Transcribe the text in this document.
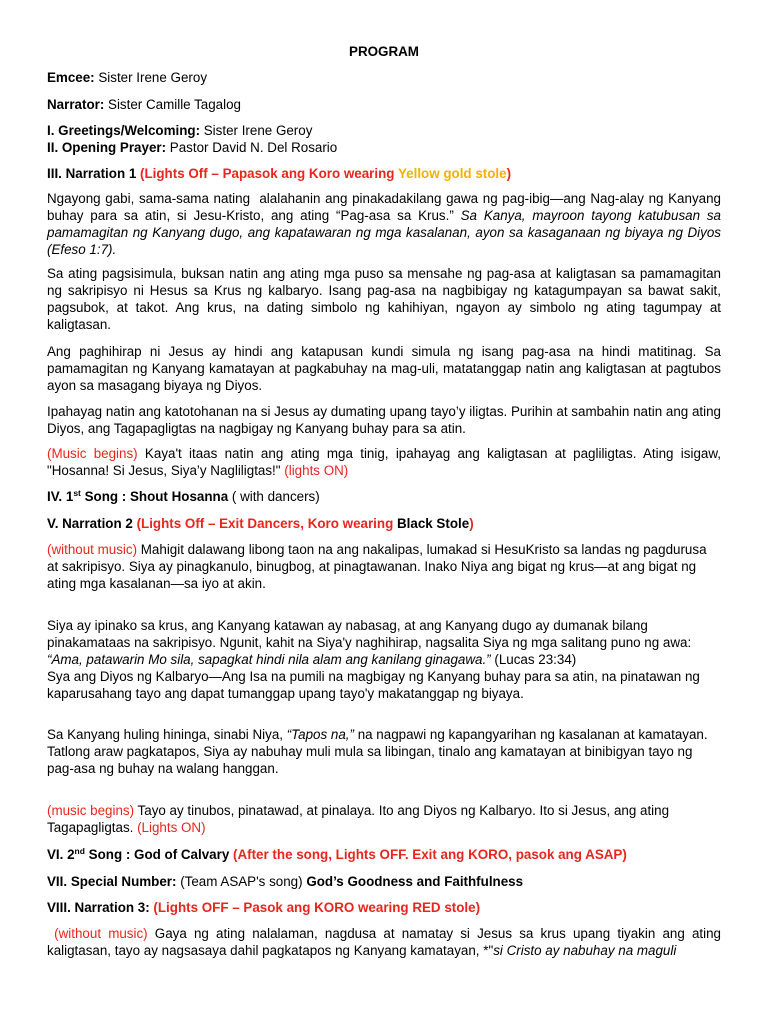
PROGRAM

Emcee: Sister Irene Geroy

Narrator: Sister Camille Tagalog

I. Greetings/Welcoming: Sister Irene Geroy

II. Opening Prayer: Pastor David N. Del Rosario

III. Narration 1 (Lights Off – Papasok ang Koro wearing Yellow gold stole)

Ngayong gabi, sama-sama nating  alalahanin ang pinakadakilang gawa ng pag-ibig—ang Nag-alay ng Kanyang buhay para sa atin, si Jesu-Kristo, ang ating “Pag-asa sa Krus.” Sa Kanya, mayroon tayong katubusan sa pamamagitan ng Kanyang dugo, ang kapatawaran ng mga kasalanan, ayon sa kasaganaan ng biyaya ng Diyos (Efeso 1:7).

Sa ating pagsisimula, buksan natin ang ating mga puso sa mensahe ng pag-asa at kaligtasan sa pamamagitan ng sakripisyo ni Hesus sa Krus ng kalbaryo. Isang pag-asa na nagbibigay ng katagumpayan sa bawat sakit, pagsubok, at takot. Ang krus, na dating simbolo ng kahihiyan, ngayon ay simbolo ng ating tagumpay at kaligtasan.

Ang paghihirap ni Jesus ay hindi ang katapusan kundi simula ng isang pag-asa na hindi matitinag. Sa pamamagitan ng Kanyang kamatayan at pagkabuhay na mag-uli, matatanggap natin ang kaligtasan at pagtubos ayon sa masagang biyaya ng Diyos.

Ipahayag natin ang katotohanan na si Jesus ay dumating upang tayo’y iligtas. Purihin at sambahin natin ang ating Diyos, ang Tagapagligtas na nagbigay ng Kanyang buhay para sa atin.

(Music begins) Kaya't itaas natin ang ating mga tinig, ipahayag ang kaligtasan at pagliligtas. Ating isigaw, "Hosanna! Si Jesus, Siya’y Nagliligtas!" (lights ON)

IV. 1st Song : Shout Hosanna ( with dancers)

V. Narration 2 (Lights Off – Exit Dancers, Koro wearing Black Stole)

(without music) Mahigit dalawang libong taon na ang nakalipas, lumakad si HesuKristo sa landas ng pagdurusa at sakripisyo. Siya ay pinagkanulo, binugbog, at pinagtawanan. Inako Niya ang bigat ng krus—at ang bigat ng ating mga kasalanan—sa iyo at akin.

Siya ay ipinako sa krus, ang Kanyang katawan ay nabasag, at ang Kanyang dugo ay dumanak bilang pinakamataas na sakripisyo. Ngunit, kahit na Siya'y naghihirap, nagsalita Siya ng mga salitang puno ng awa: “Ama, patawarin Mo sila, sapagkat hindi nila alam ang kanilang ginagawa.” (Lucas 23:34)
Sya ang Diyos ng Kalbaryo—Ang Isa na pumili na magbigay ng Kanyang buhay para sa atin, na pinatawan ng kaparusahang tayo ang dapat tumanggap upang tayo'y makatanggap ng biyaya.

Sa Kanyang huling hininga, sinabi Niya, “Tapos na,” na nagpawi ng kapangyarihan ng kasalanan at kamatayan. Tatlong araw pagkatapos, Siya ay nabuhay muli mula sa libingan, tinalo ang kamatayan at binibigyan tayo ng pag-asa ng buhay na walang hanggan.

(music begins) Tayo ay tinubos, pinatawad, at pinalaya. Ito ang Diyos ng Kalbaryo. Ito si Jesus, ang ating Tagapagligtas. (Lights ON)

VI. 2nd Song : God of Calvary (After the song, Lights OFF. Exit ang KORO, pasok ang ASAP)

VII. Special Number: (Team ASAP's song) God’s Goodness and Faithfulness

VIII. Narration 3: (Lights OFF – Pasok ang KORO wearing RED stole)

(without music) Gaya ng ating nalalaman, nagdusa at namatay si Jesus sa krus upang tiyakin ang ating kaligtasan, tayo ay nagsasaya dahil pagkatapos ng Kanyang kamatayan, *"si Cristo ay nabuhay na maguli
